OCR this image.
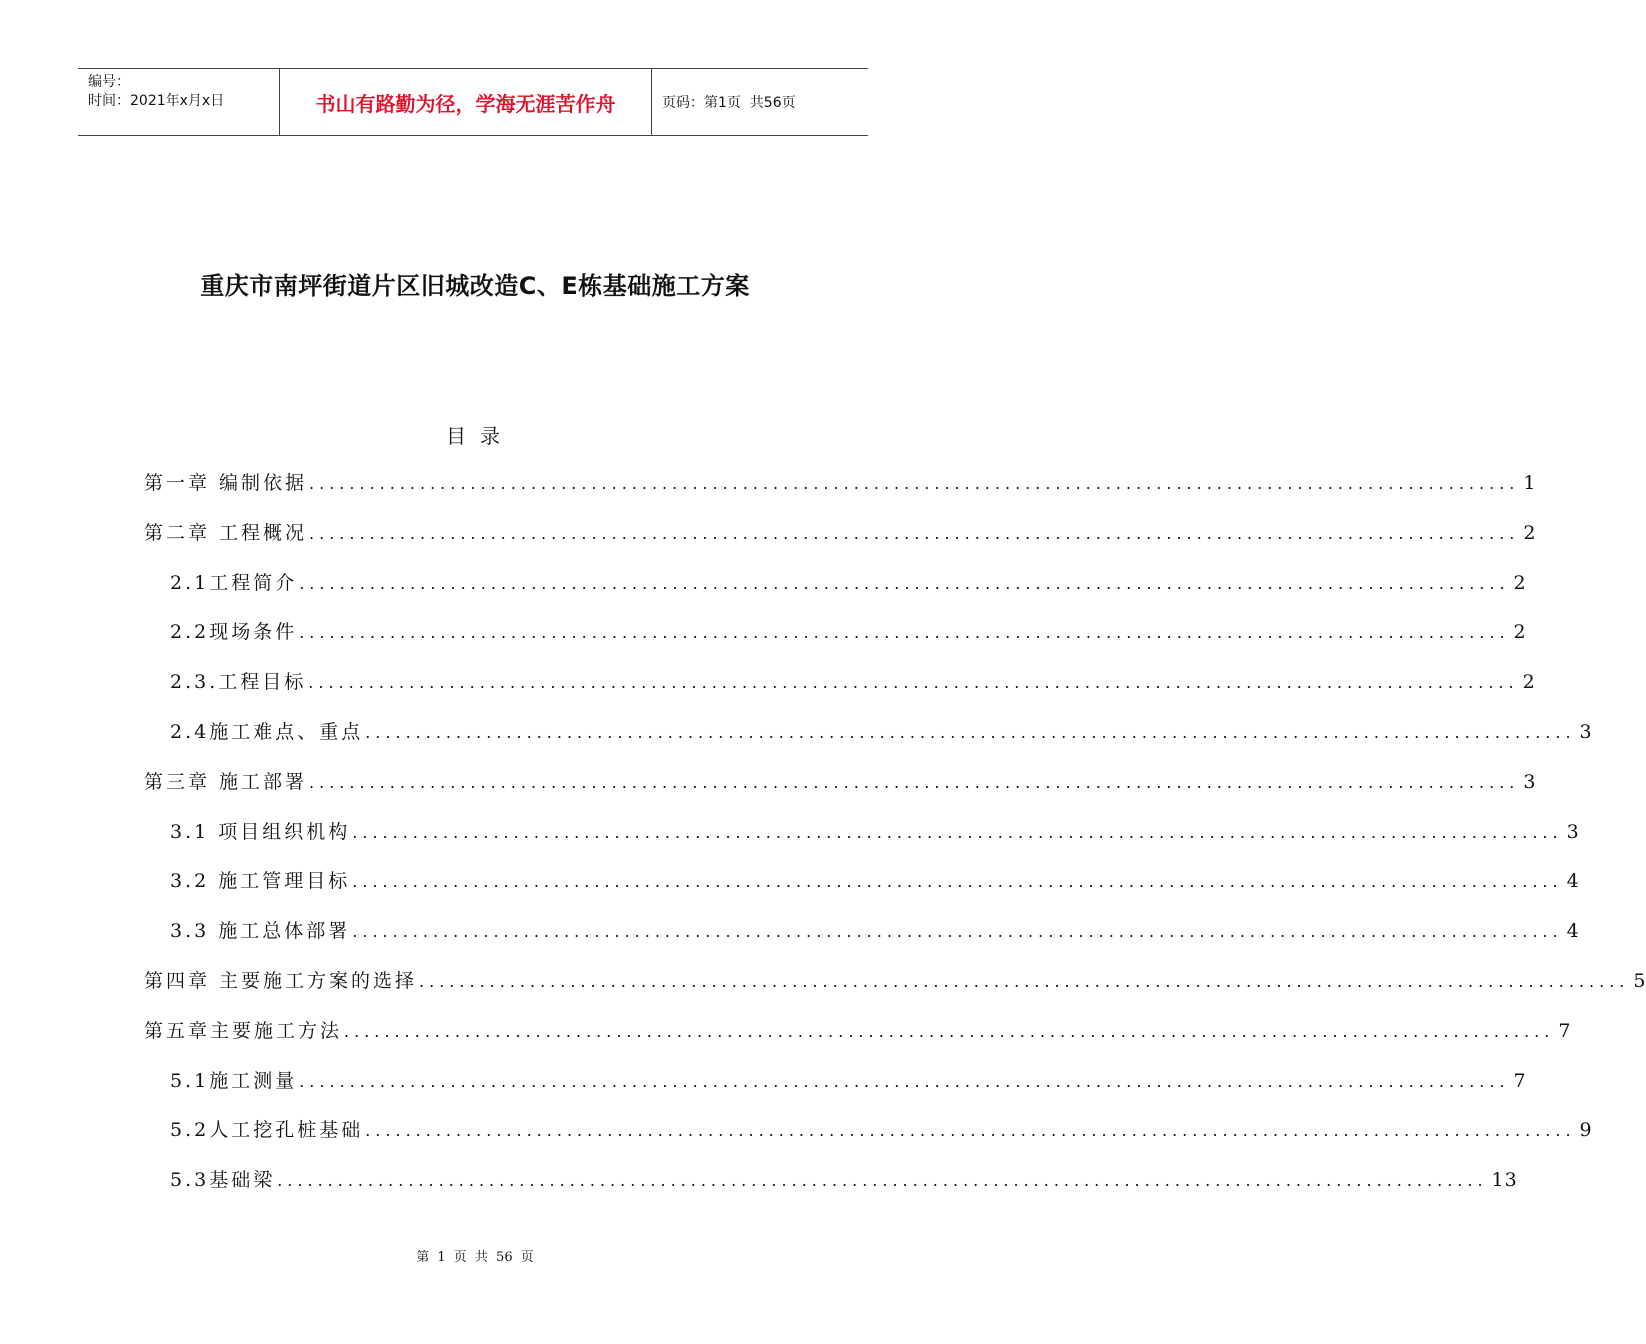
编号：
时间：2021年x月x日	书山有路勤为径，学海无涯苦作舟	页码：第1页  共56页
重庆市南坪街道片区旧城改造C、E栋基础施工方案
目录
第一章 编制依据 ........................................................................................................................ 1
第二章 工程概况 ........................................................................................................................ 2
2.1工程简介 ........................................................................................................................ 2
2.2现场条件 ........................................................................................................................ 2
2.3.工程目标 ........................................................................................................................ 2
2.4施工难点、重点 ........................................................................................................................ 3
第三章 施工部署 ........................................................................................................................ 3
3.1 项目组织机构 ........................................................................................................................ 3
3.2 施工管理目标 ........................................................................................................................ 4
3.3 施工总体部署 ........................................................................................................................ 4
第四章 主要施工方案的选择 ........................................................................................................................ 5
第五章主要施工方法 ........................................................................................................................ 7
5.1施工测量 ........................................................................................................................ 7
5.2人工挖孔桩基础 ........................................................................................................................ 9
5.3基础梁 ........................................................................................................................ 13
第 1 页 共 56 页
